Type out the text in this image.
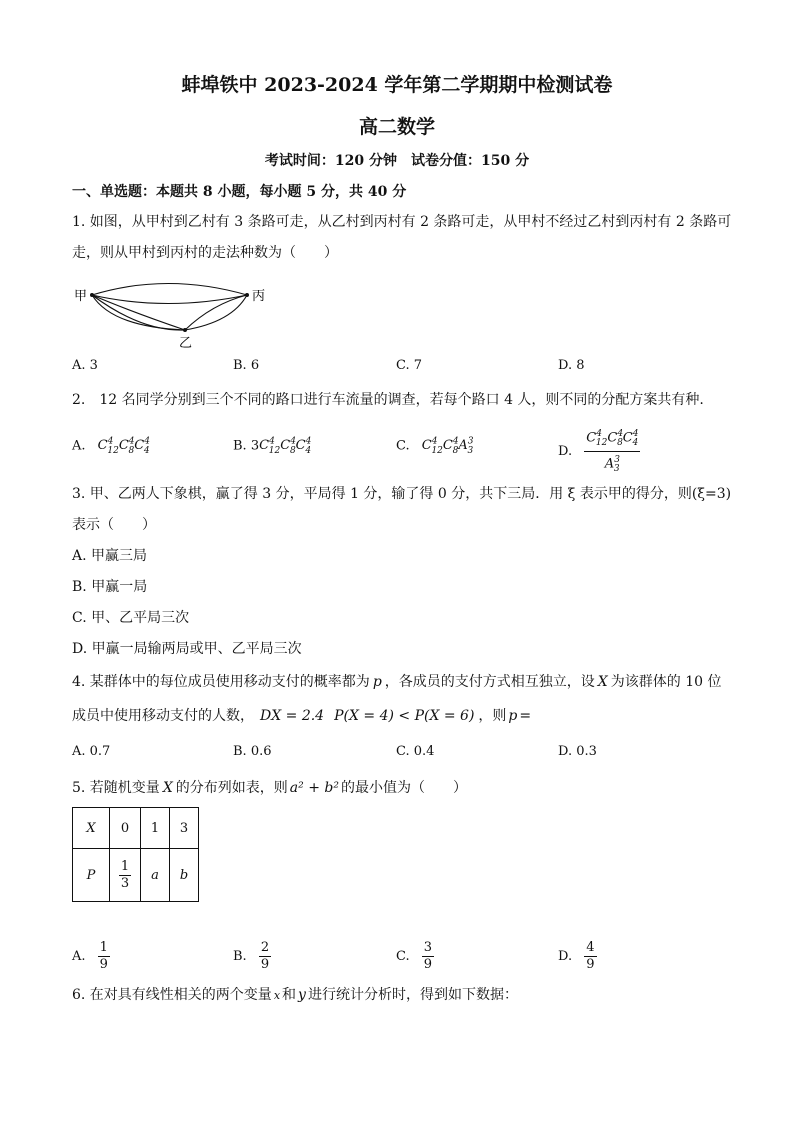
蚌埠铁中 2023-2024 学年第二学期期中检测试卷
高二数学
考试时间：120 分钟　试卷分值：150 分
一、单选题：本题共 8 小题，每小题 5 分，共 40 分
1. 如图，从甲村到乙村有 3 条路可走，从乙村到丙村有 2 条路可走，从甲村不经过乙村到丙村有 2 条路可
走，则从甲村到丙村的走法种数为（　　）
甲	丙
乙
A. 3	B. 6	C. 7	D. 8
2.　12 名同学分别到三个不同的路口进行车流量的调查，若每个路口 4 人，则不同的分配方案共有种.
A. $C^4_{12}C^4_8C^4_4$	B. $3C^4_{12}C^4_8C^4_4$	C. $C^4_{12}C^4_8A^3_3$	D. $\frac{C^4_{12}C^4_8C^4_4}{A^3_3}$
3. 甲、乙两人下象棋，赢了得 3 分，平局得 1 分，输了得 0 分，共下三局．用 ξ 表示甲的得分，则(ξ=3)
表示（　　）
A. 甲赢三局
B. 甲赢一局
C. 甲、乙平局三次
D. 甲赢一局输两局或甲、乙平局三次
4. 某群体中的每位成员使用移动支付的概率都为 p ，各成员的支付方式相互独立，设 X 为该群体的 10 位
成员中使用移动支付的人数， DX = 2.4 P(X = 4) < P(X = 6) ，则 p =
A. 0.7	B. 0.6	C. 0.4	D. 0.3
5. 若随机变量 X 的分布列如表，则 a² + b² 的最小值为（　　）
X	0	1	3
P	$\frac{1}{3}$	a	b
A. $\frac{1}{9}$	B. $\frac{2}{9}$	C. $\frac{3}{9}$	D. $\frac{4}{9}$
6. 在对具有线性相关的两个变量 x 和 y 进行统计分析时，得到如下数据：
